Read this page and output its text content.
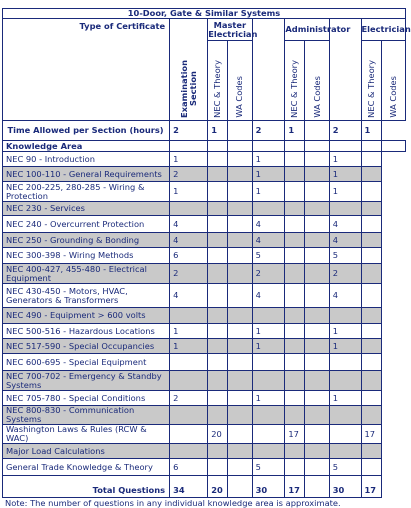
10-Door, Gate & Similar Systems									
Type of Certificate	Examination Section	Master Electrician			Administrator			Electrician	
		NEC & Theory	WA Codes		NEC & Theory	WA Codes		NEC & Theory	WA Codes
Time Allowed per Section (hours)	2	1		2	1		2	1	
Knowledge Area									
NEC 90 - Introduction	1			1			1		
NEC 100-110 - General Requirements	2			1			1		
NEC 200-225, 280-285 - Wiring & Protection	1			1			1		
NEC 230 - Services									
NEC 240 - Overcurrent Protection	4			4			4		
NEC 250 - Grounding & Bonding	4			4			4		
NEC 300-398 - Wiring Methods	6			5			5		
NEC 400-427, 455-480 - Electrical Equipment	2			2			2		
NEC 430-450 - Motors, HVAC, Generators & Transformers	4			4			4		
NEC 490 - Equipment > 600 volts									
NEC 500-516 - Hazardous Locations	1			1			1		
NEC 517-590 - Special Occupancies	1			1			1		
NEC 600-695 - Special Equipment									
NEC 700-702 - Emergency & Standby Systems									
NEC 705-780 - Special Conditions	2			1			1		
NEC 800-830 - Communication Systems									
Washington Laws & Rules (RCW & WAC)		20			17			17	
Major Load Calculations									
General Trade Knowledge & Theory	6			5			5		
Total Questions	34	20		30	17		30	17	
Note: The number of questions in any individual knowledge area is approximate.
